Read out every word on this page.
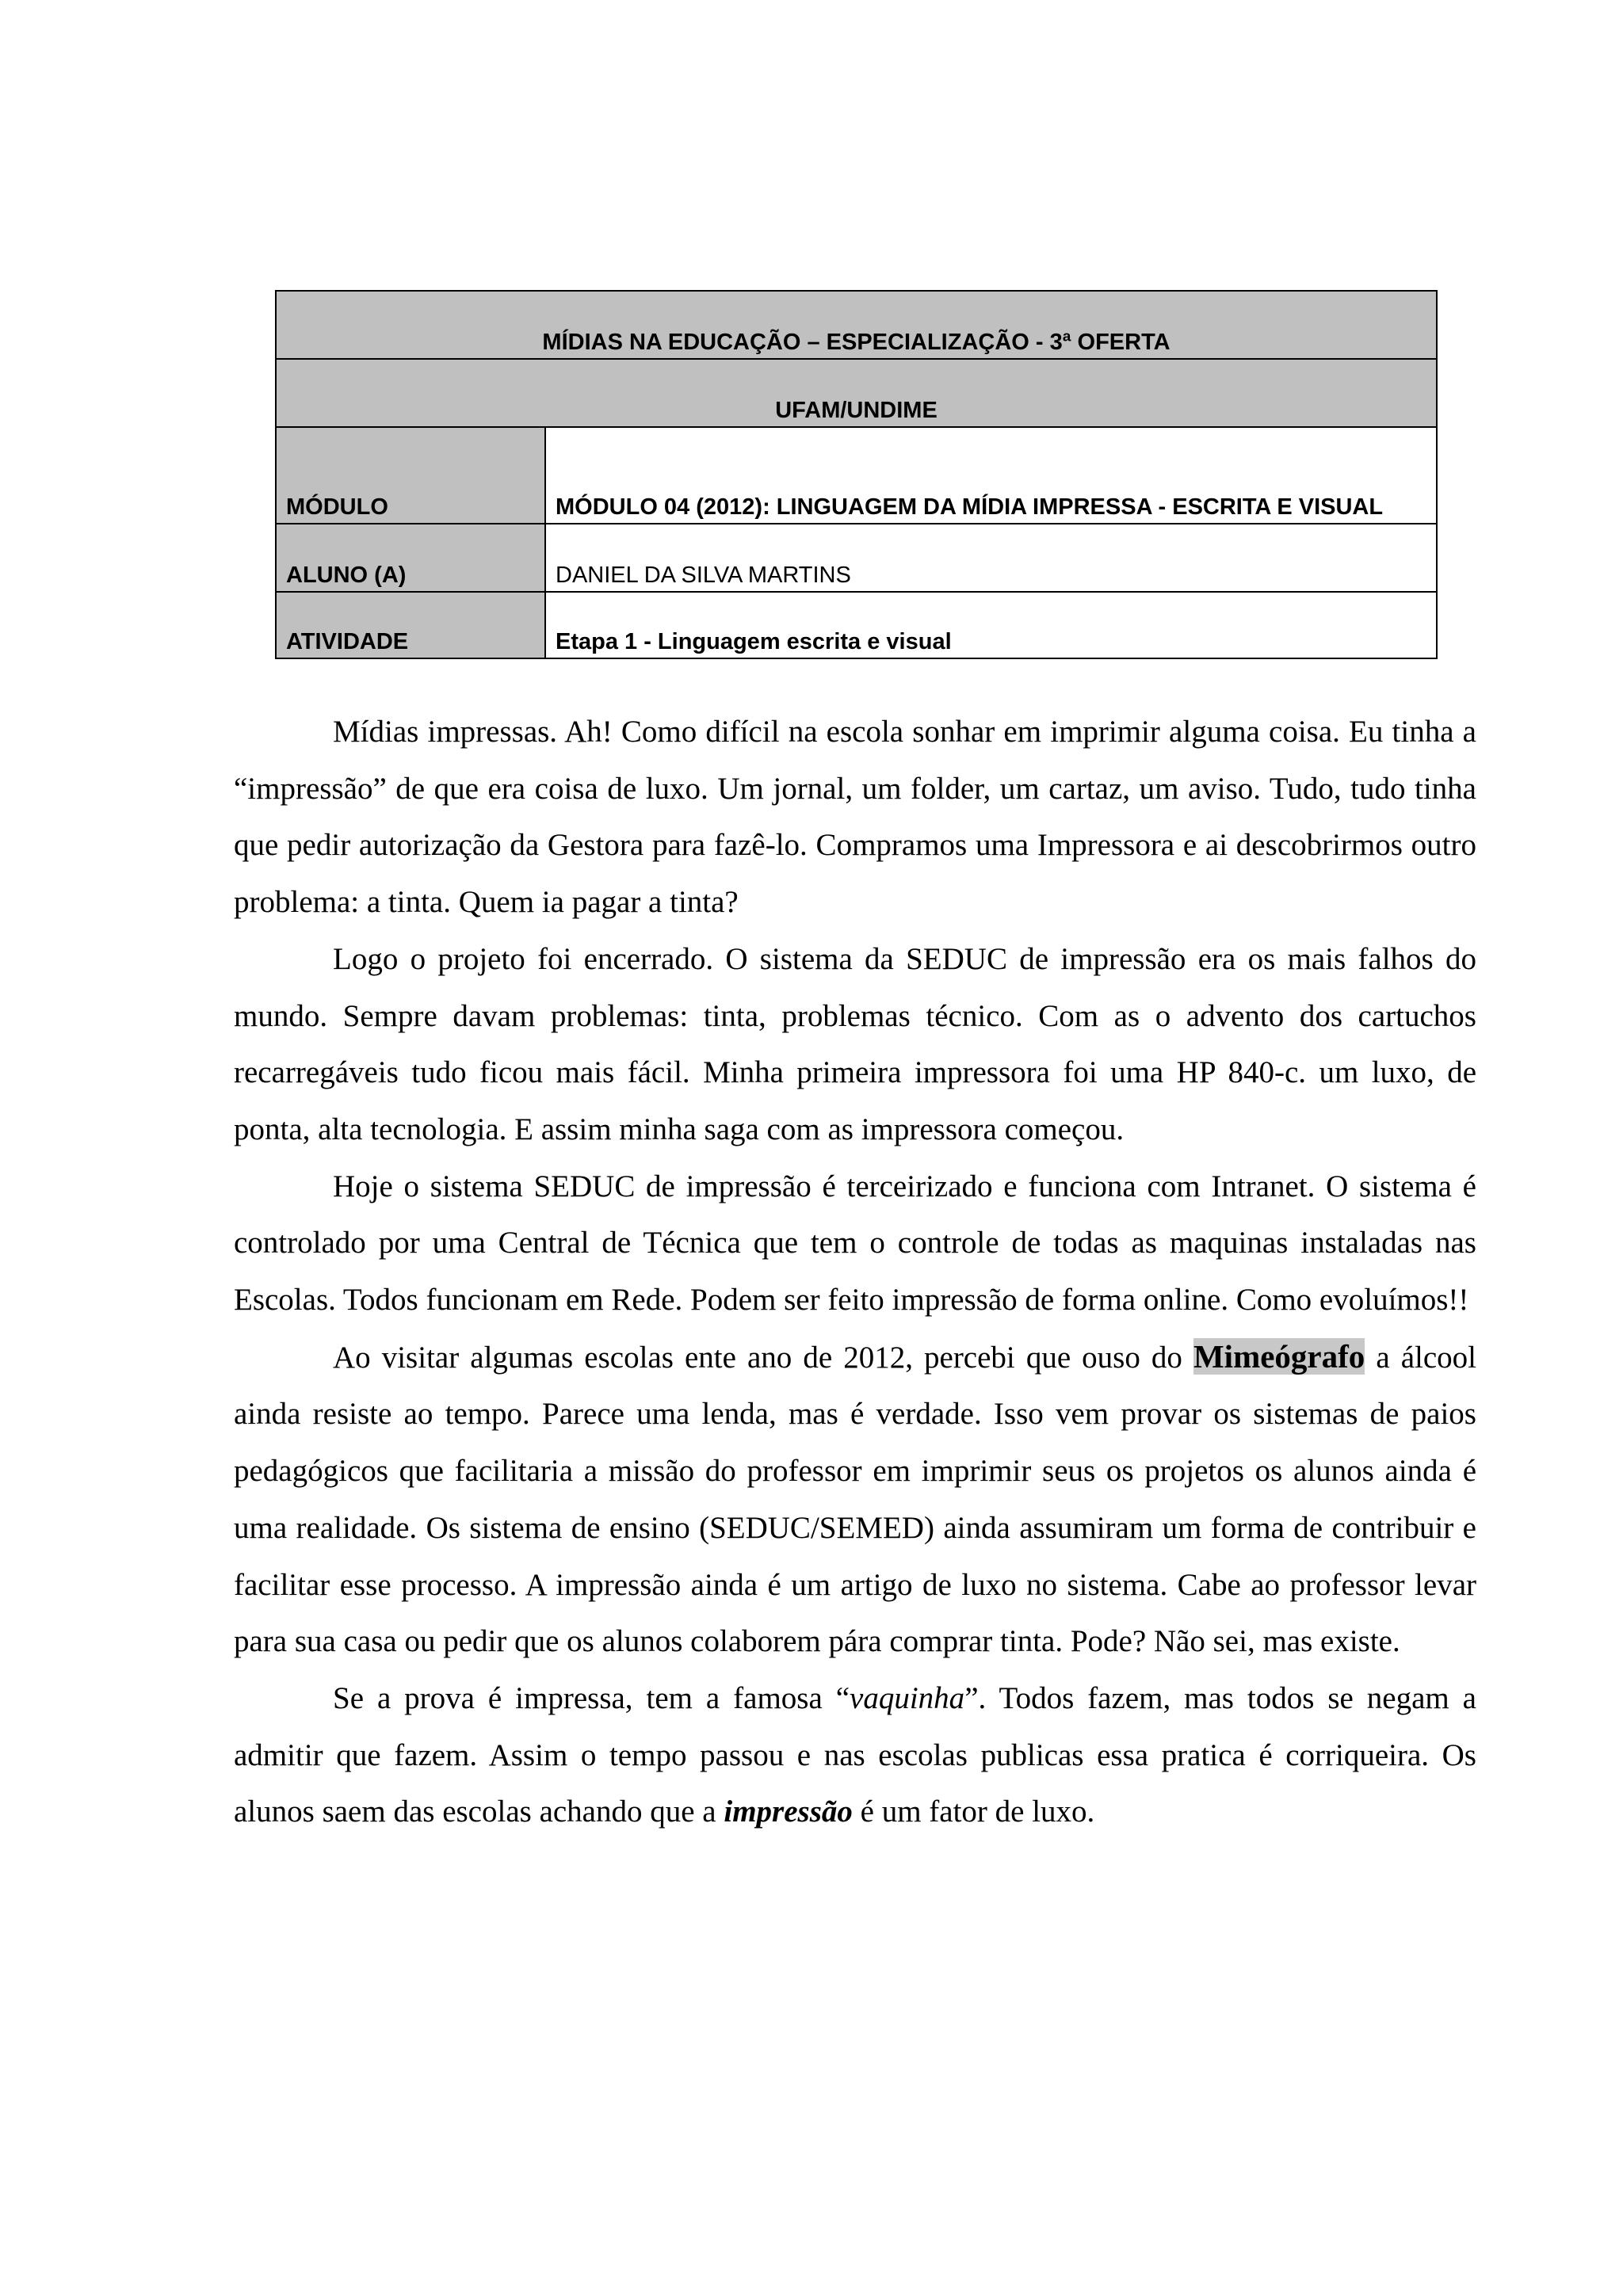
MÍDIAS NA EDUCAÇÃO – ESPECIALIZAÇÃO - 3ª OFERTA	
UFAM/UNDIME	
MÓDULO	MÓDULO 04 (2012): LINGUAGEM DA MÍDIA IMPRESSA - ESCRITA E VISUAL
ALUNO (A)	DANIEL DA SILVA MARTINS
ATIVIDADE	Etapa 1 - Linguagem escrita e visual

Mídias impressas. Ah! Como difícil na escola sonhar em imprimir alguma coisa. Eu tinha a “impressão” de que era coisa de luxo. Um jornal, um folder, um cartaz, um aviso. Tudo, tudo tinha que pedir autorização da Gestora para fazê-lo. Compramos uma Impressora e ai descobrirmos outro problema: a tinta. Quem ia pagar a tinta?

Logo o projeto foi encerrado. O sistema da SEDUC de impressão era os mais falhos do mundo. Sempre davam problemas: tinta, problemas técnico. Com as o advento dos cartuchos recarregáveis tudo ficou mais fácil. Minha primeira impressora foi uma HP 840-c. um luxo, de ponta, alta tecnologia. E assim minha saga com as impressora começou.

Hoje o sistema SEDUC de impressão é terceirizado e funciona com Intranet. O sistema é controlado por uma Central de Técnica que tem o controle de todas as maquinas instaladas nas Escolas. Todos funcionam em Rede. Podem ser feito impressão de forma online. Como evoluímos!!

Ao visitar algumas escolas ente ano de 2012, percebi que ouso do Mimeógrafo a álcool ainda resiste ao tempo. Parece uma lenda, mas é verdade. Isso vem provar os sistemas de paios pedagógicos que facilitaria a missão do professor em imprimir seus os projetos os alunos ainda é uma realidade. Os sistema de ensino (SEDUC/SEMED) ainda assumiram um forma de contribuir e facilitar esse processo. A impressão ainda é um artigo de luxo no sistema. Cabe ao professor levar para sua casa ou pedir que os alunos colaborem pára comprar tinta. Pode? Não sei, mas existe.

Se a prova é impressa, tem a famosa “vaquinha”. Todos fazem, mas todos se negam a admitir que fazem. Assim o tempo passou e nas escolas publicas essa pratica é corriqueira. Os alunos saem das escolas achando que a impressão é um fator de luxo.
